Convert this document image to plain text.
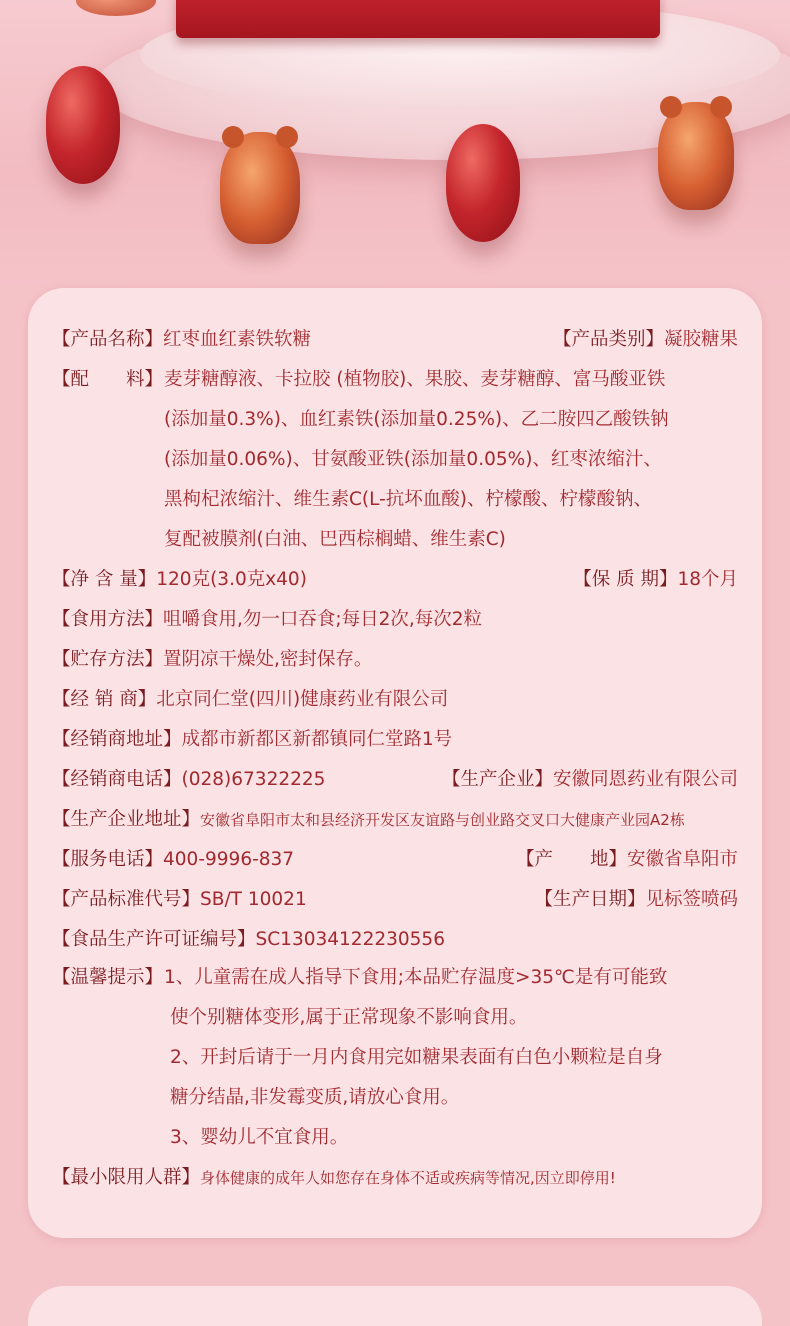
【产品名称】红枣血红素铁软糖	【产品类别】凝胶糖果
【配　　料】 麦芽糖醇液、卡拉胶 (植物胶)、果胶、麦芽糖醇、富马酸亚铁
(添加量0.3%)、血红素铁(添加量0.25%)、乙二胺四乙酸铁钠
(添加量0.06%)、甘氨酸亚铁(添加量0.05%)、红枣浓缩汁、
黑枸杞浓缩汁、维生素C(L-抗坏血酸)、柠檬酸、柠檬酸钠、
复配被膜剂(白油、巴西棕榈蜡、维生素C)
【净 含 量】120克(3.0克x40)	【保 质 期】18个月
【食用方法】咀嚼食用,勿一口吞食;每日2次,每次2粒
【贮存方法】置阴凉干燥处,密封保存。
【经 销 商】北京同仁堂(四川)健康药业有限公司
【经销商地址】成都市新都区新都镇同仁堂路1号
【经销商电话】(028)67322225	【生产企业】安徽同恩药业有限公司
【生产企业地址】安徽省阜阳市太和县经济开发区友谊路与创业路交叉口大健康产业园A2栋
【服务电话】400-9996-837	【产　　地】安徽省阜阳市
【产品标准代号】SB/T 10021	【生产日期】见标签喷码
【食品生产许可证编号】SC13034122230556
【温馨提示】 1、儿童需在成人指导下食用;本品贮存温度>35℃是有可能致
使个别糖体变形,属于正常现象不影响食用。
2、开封后请于一月内食用完如糖果表面有白色小颗粒是自身
糖分结晶,非发霉变质,请放心食用。
3、婴幼儿不宜食用。
【最小限用人群】身体健康的成年人如您存在身体不适或疾病等情况,因立即停用!
